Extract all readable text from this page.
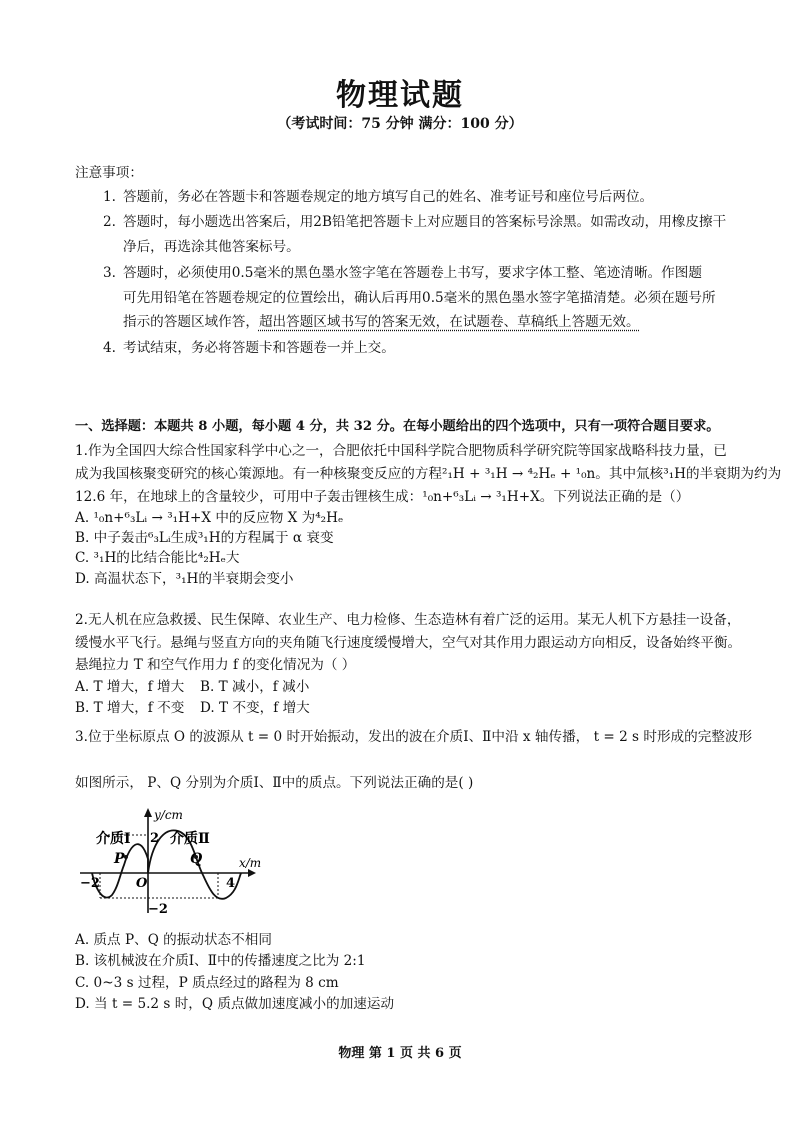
物理试题
（考试时间：75 分钟 满分：100 分）
注意事项：
1. 答题前，务必在答题卡和答题卷规定的地方填写自己的姓名、准考证号和座位号后两位。
2. 答题时，每小题选出答案后，用2B铅笔把答题卡上对应题目的答案标号涂黑。如需改动，用橡皮擦干
净后，再选涂其他答案标号。
3. 答题时，必须使用0.5毫米的黑色墨水签字笔在答题卷上书写，要求字体工整、笔迹清晰。作图题
可先用铅笔在答题卷规定的位置绘出，确认后再用0.5毫米的黑色墨水签字笔描清楚。必须在题号所
指示的答题区域作答，超出答题区域书写的答案无效，在试题卷、草稿纸上答题无效。
4. 考试结束，务必将答题卡和答题卷一并上交。
一、选择题：本题共 8 小题，每小题 4 分，共 32 分。在每小题给出的四个选项中，只有一项符合题目要求。
1.作为全国四大综合性国家科学中心之一，合肥依托中国科学院合肥物质科学研究院等国家战略科技力量，已
成为我国核聚变研究的核心策源地。有一种核聚变反应的方程²₁H + ³₁H → ⁴₂Hₑ + ¹₀n。其中氚核³₁H的半衰期为约为
12.6 年，在地球上的含量较少，可用中子轰击锂核生成：¹₀n+⁶₃Lᵢ → ³₁H+X。下列说法正确的是（）
A. ¹₀n+⁶₃Lᵢ → ³₁H+X 中的反应物 X 为⁴₂Hₑ
B. 中子轰击⁶₃Lᵢ生成³₁H的方程属于 α 衰变
C. ³₁H的比结合能比⁴₂Hₑ大
D. 高温状态下，³₁H的半衰期会变小
2.无人机在应急救援、民生保障、农业生产、电力检修、生态造林有着广泛的运用。某无人机下方悬挂一设备，
缓慢水平飞行。悬绳与竖直方向的夹角随飞行速度缓慢增大，空气对其作用力跟运动方向相反，设备始终平衡。
悬绳拉力 T 和空气作用力 f 的变化情况为（ ）
A. T 增大，f 增大 B. T 减小，f 减小
B. T 增大，f 不变 D. T 不变，f 增大
3.位于坐标原点 O 的波源从 t = 0 时开始振动，发出的波在介质Ⅰ、Ⅱ中沿 x 轴传播， t = 2 s 时形成的完整波形
如图所示， P、Q 分别为介质Ⅰ、Ⅱ中的质点。下列说法正确的是( )
y/cm
x/m
介质Ⅰ	介质Ⅱ
2
−2
−2	4
O
P	Q
A. 质点 P、Q 的振动状态不相同
B. 该机械波在介质Ⅰ、Ⅱ中的传播速度之比为 2:1
C. 0~3 s 过程，P 质点经过的路程为 8 cm
D. 当 t = 5.2 s 时，Q 质点做加速度减小的加速运动
物理 第 1 页 共 6 页
